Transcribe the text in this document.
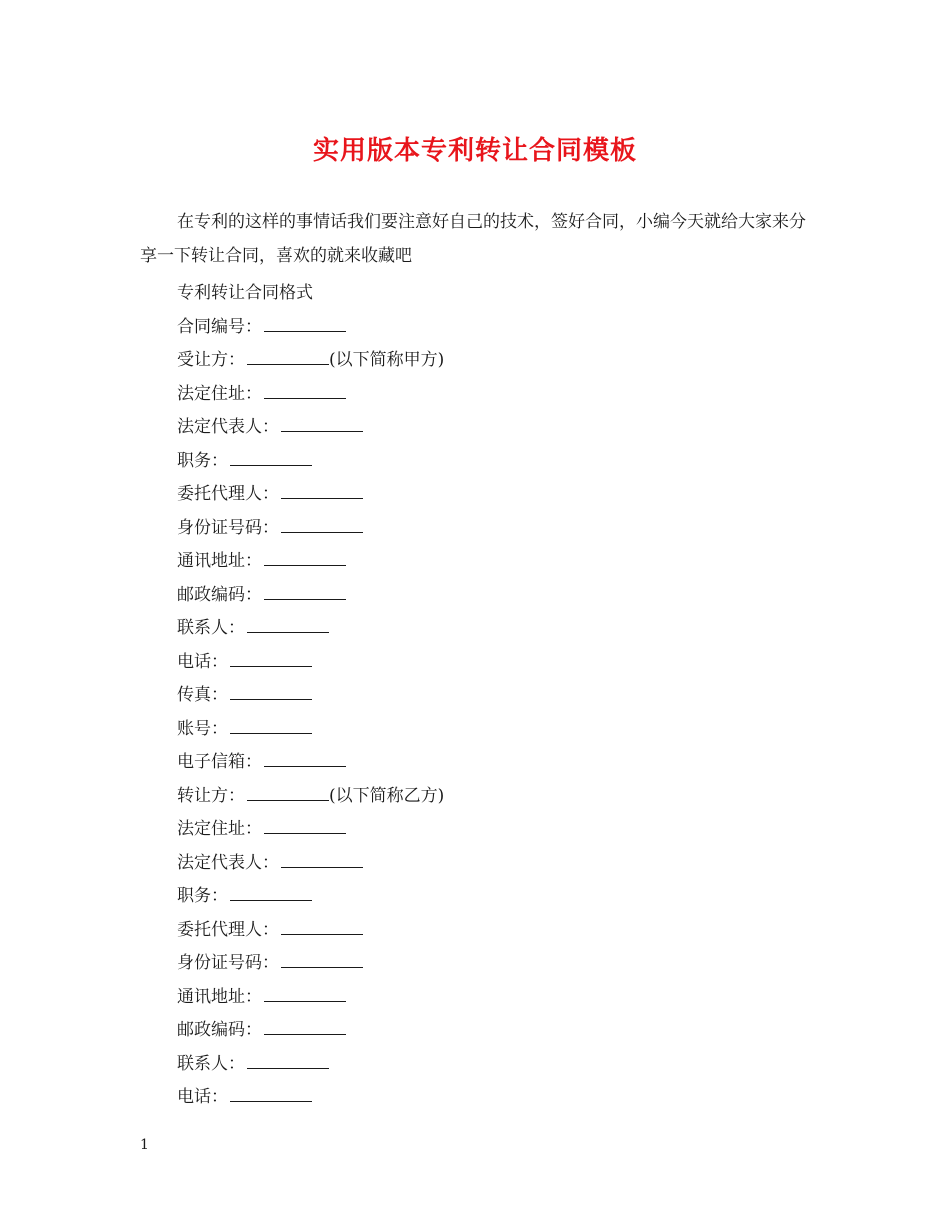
实用版本专利转让合同模板

在专利的这样的事情话我们要注意好自己的技术，签好合同，小编今天就给大家来分享一下转让合同，喜欢的就来收藏吧

专利转让合同格式
合同编号：
受让方：	(以下简称甲方)
法定住址：
法定代表人：
职务：
委托代理人：
身份证号码：
通讯地址：
邮政编码：
联系人：
电话：
传真：
账号：
电子信箱：
转让方：	(以下简称乙方)
法定住址：
法定代表人：
职务：
委托代理人：
身份证号码：
通讯地址：
邮政编码：
联系人：
电话：

1
